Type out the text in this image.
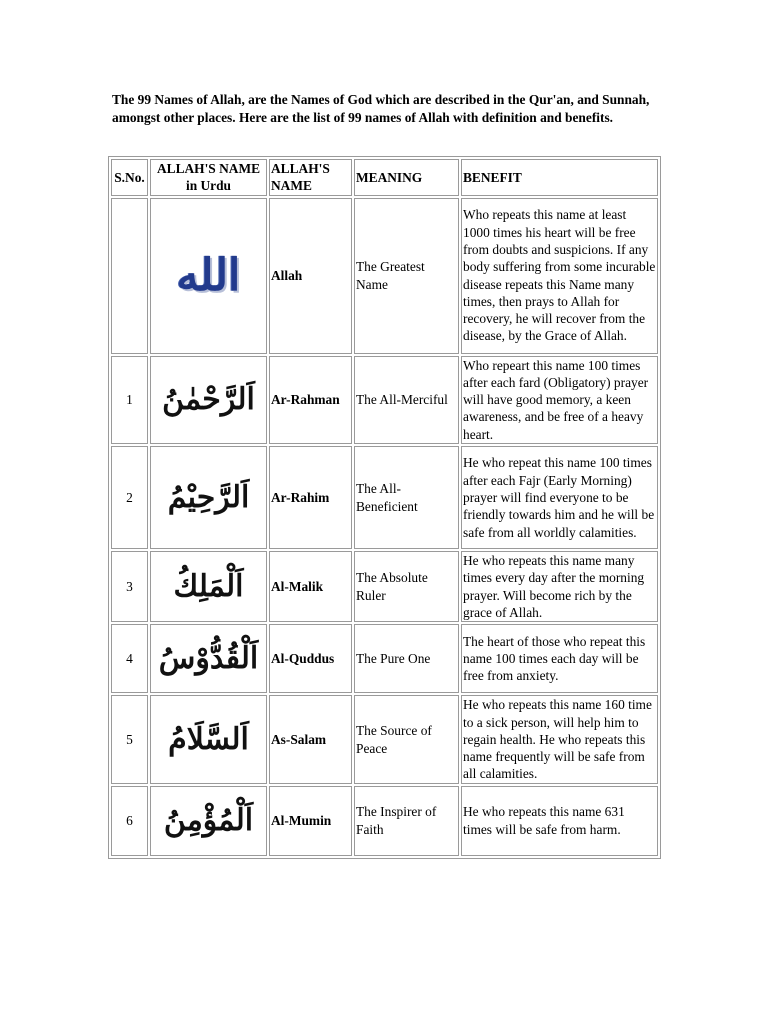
The 99 Names of Allah, are the Names of God which are described in the Qur'an, and Sunnah, amongst other places. Here are the list of 99 names of Allah with definition and benefits.
S.No.	ALLAH'S NAME in Urdu	ALLAH'S NAME	MEANING	BENEFIT

	الله	Allah	The Greatest Name	Who repeats this name at least 1000 times his heart will be free from doubts and suspicions. If any body suffering from some incurable disease repeats this Name many times, then prays to Allah for recovery, he will recover from the disease, by the Grace of Allah.
1	اَلرَّحْمٰنُ	Ar-Rahman	The All-Merciful	Who repeart this name 100 times after each fard (Obligatory) prayer will have good memory, a keen awareness, and be free of a heavy heart.
2	اَلرَّحِيْمُ	Ar-Rahim	The All-Beneficient	He who repeat this name 100 times after each Fajr (Early Morning) prayer will find everyone to be friendly towards him and he will be safe from all worldly calamities.
3	اَلْمَلِكُ	Al-Malik	The Absolute Ruler	He who repeats this name many times every day after the morning prayer. Will become rich by the grace of Allah.
4	اَلْقُدُّوْسُ	Al-Quddus	The Pure One	The heart of those who repeat this name 100 times each day will be free from anxiety.
5	اَلسَّلَامُ	As-Salam	The Source of Peace	He who repeats this name 160 time to a sick person, will help him to regain health. He who repeats this name frequently will be safe from all calamities.
6	اَلْمُؤْمِنُ	Al-Mumin	The Inspirer of Faith	He who repeats this name 631 times will be safe from harm.
